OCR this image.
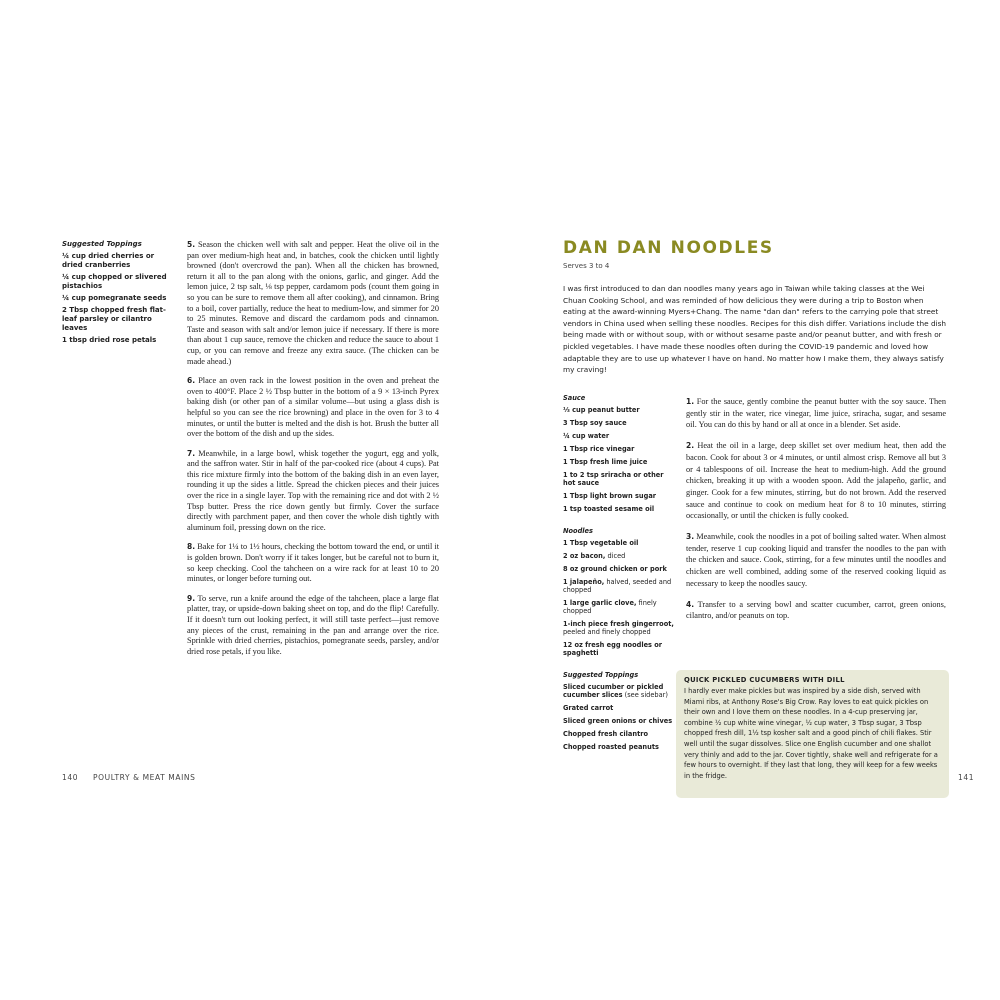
Suggested Toppings
¼ cup dried cherries or dried cranberries
¼ cup chopped or slivered pistachios
¼ cup pomegranate seeds
2 Tbsp chopped fresh flat-leaf parsley or cilantro leaves
1 tbsp dried rose petals

5. Season the chicken well with salt and pepper. Heat the olive oil in the pan over medium-high heat and, in batches, cook the chicken until lightly browned (don't overcrowd the pan). When all the chicken has browned, return it all to the pan along with the onions, garlic, and ginger. Add the lemon juice, 2 tsp salt, ⅛ tsp pepper, cardamom pods (count them going in so you can be sure to remove them all after cooking), and cinnamon. Bring to a boil, cover partially, reduce the heat to medium-low, and simmer for 20 to 25 minutes. Remove and discard the cardamom pods and cinnamon. Taste and season with salt and/or lemon juice if necessary. If there is more than about 1 cup sauce, remove the chicken and reduce the sauce to about 1 cup, or you can remove and freeze any extra sauce. (The chicken can be made ahead.)

6. Place an oven rack in the lowest position in the oven and preheat the oven to 400°F. Place 2 ½ Tbsp butter in the bottom of a 9 × 13-inch Pyrex baking dish (or other pan of a similar volume—but using a glass dish is helpful so you can see the rice browning) and place in the oven for 3 to 4 minutes, or until the butter is melted and the dish is hot. Brush the butter all over the bottom of the dish and up the sides.

7. Meanwhile, in a large bowl, whisk together the yogurt, egg and yolk, and the saffron water. Stir in half of the par-cooked rice (about 4 cups). Pat this rice mixture firmly into the bottom of the baking dish in an even layer, rounding it up the sides a little. Spread the chicken pieces and their juices over the rice in a single layer. Top with the remaining rice and dot with 2 ½ Tbsp butter. Press the rice down gently but firmly. Cover the surface directly with parchment paper, and then cover the whole dish tightly with aluminum foil, pressing down on the rice.

8. Bake for 1¼ to 1½ hours, checking the bottom toward the end, or until it is golden brown. Don't worry if it takes longer, but be careful not to burn it, so keep checking. Cool the tahcheen on a wire rack for at least 10 to 20 minutes, or longer before turning out.

9. To serve, run a knife around the edge of the tahcheen, place a large flat platter, tray, or upside-down baking sheet on top, and do the flip! Carefully. If it doesn't turn out looking perfect, it will still taste perfect—just remove any pieces of the crust, remaining in the pan and arrange over the rice. Sprinkle with dried cherries, pistachios, pomegranate seeds, parsley, and/or dried rose petals, if you like.

140 POULTRY & MEAT MAINS
DAN DAN NOODLES
Serves 3 to 4

I was first introduced to dan dan noodles many years ago in Taiwan while taking classes at the Wei Chuan Cooking School, and was reminded of how delicious they were during a trip to Boston when eating at the award-winning Myers+Chang. The name "dan dan" refers to the carrying pole that street vendors in China used when selling these noodles. Recipes for this dish differ. Variations include the dish being made with or without soup, with or without sesame paste and/or peanut butter, and with fresh or pickled vegetables. I have made these noodles often during the COVID-19 pandemic and loved how adaptable they are to use up whatever I have on hand. No matter how I make them, they always satisfy my craving!

Sauce
⅓ cup peanut butter
3 Tbsp soy sauce
¼ cup water
1 Tbsp rice vinegar
1 Tbsp fresh lime juice
1 to 2 tsp sriracha or other hot sauce
1 Tbsp light brown sugar
1 tsp toasted sesame oil
Noodles
1 Tbsp vegetable oil
2 oz bacon, diced
8 oz ground chicken or pork
1 jalapeño, halved, seeded and chopped
1 large garlic clove, finely chopped
1-inch piece fresh gingerroot, peeled and finely chopped
12 oz fresh egg noodles or spaghetti
Suggested Toppings
Sliced cucumber or pickled cucumber slices (see sidebar)
Grated carrot
Sliced green onions or chives
Chopped fresh cilantro
Chopped roasted peanuts

1. For the sauce, gently combine the peanut butter with the soy sauce. Then gently stir in the water, rice vinegar, lime juice, sriracha, sugar, and sesame oil. You can do this by hand or all at once in a blender. Set aside.

2. Heat the oil in a large, deep skillet set over medium heat, then add the bacon. Cook for about 3 or 4 minutes, or until almost crisp. Remove all but 3 or 4 tablespoons of oil. Increase the heat to medium-high. Add the ground chicken, breaking it up with a wooden spoon. Add the jalapeño, garlic, and ginger. Cook for a few minutes, stirring, but do not brown. Add the reserved sauce and continue to cook on medium heat for 8 to 10 minutes, stirring occasionally, or until the chicken is fully cooked.

3. Meanwhile, cook the noodles in a pot of boiling salted water. When almost tender, reserve 1 cup cooking liquid and transfer the noodles to the pan with the chicken and sauce. Cook, stirring, for a few minutes until the noodles and chicken are well combined, adding some of the reserved cooking liquid as necessary to keep the noodles saucy.

4. Transfer to a serving bowl and scatter cucumber, carrot, green onions, cilantro, and/or peanuts on top.

QUICK PICKLED CUCUMBERS WITH DILL
I hardly ever make pickles but was inspired by a side dish, served with Miami ribs, at Anthony Rose's Big Crow. Ray loves to eat quick pickles on their own and I love them on these noodles. In a 4-cup preserving jar, combine ½ cup white wine vinegar, ½ cup water, 3 Tbsp sugar, 3 Tbsp chopped fresh dill, 1½ tsp kosher salt and a good pinch of chili flakes. Stir well until the sugar dissolves. Slice one English cucumber and one shallot very thinly and add to the jar. Cover tightly, shake well and refrigerate for a few hours to overnight. If they last that long, they will keep for a few weeks in the fridge.	141
